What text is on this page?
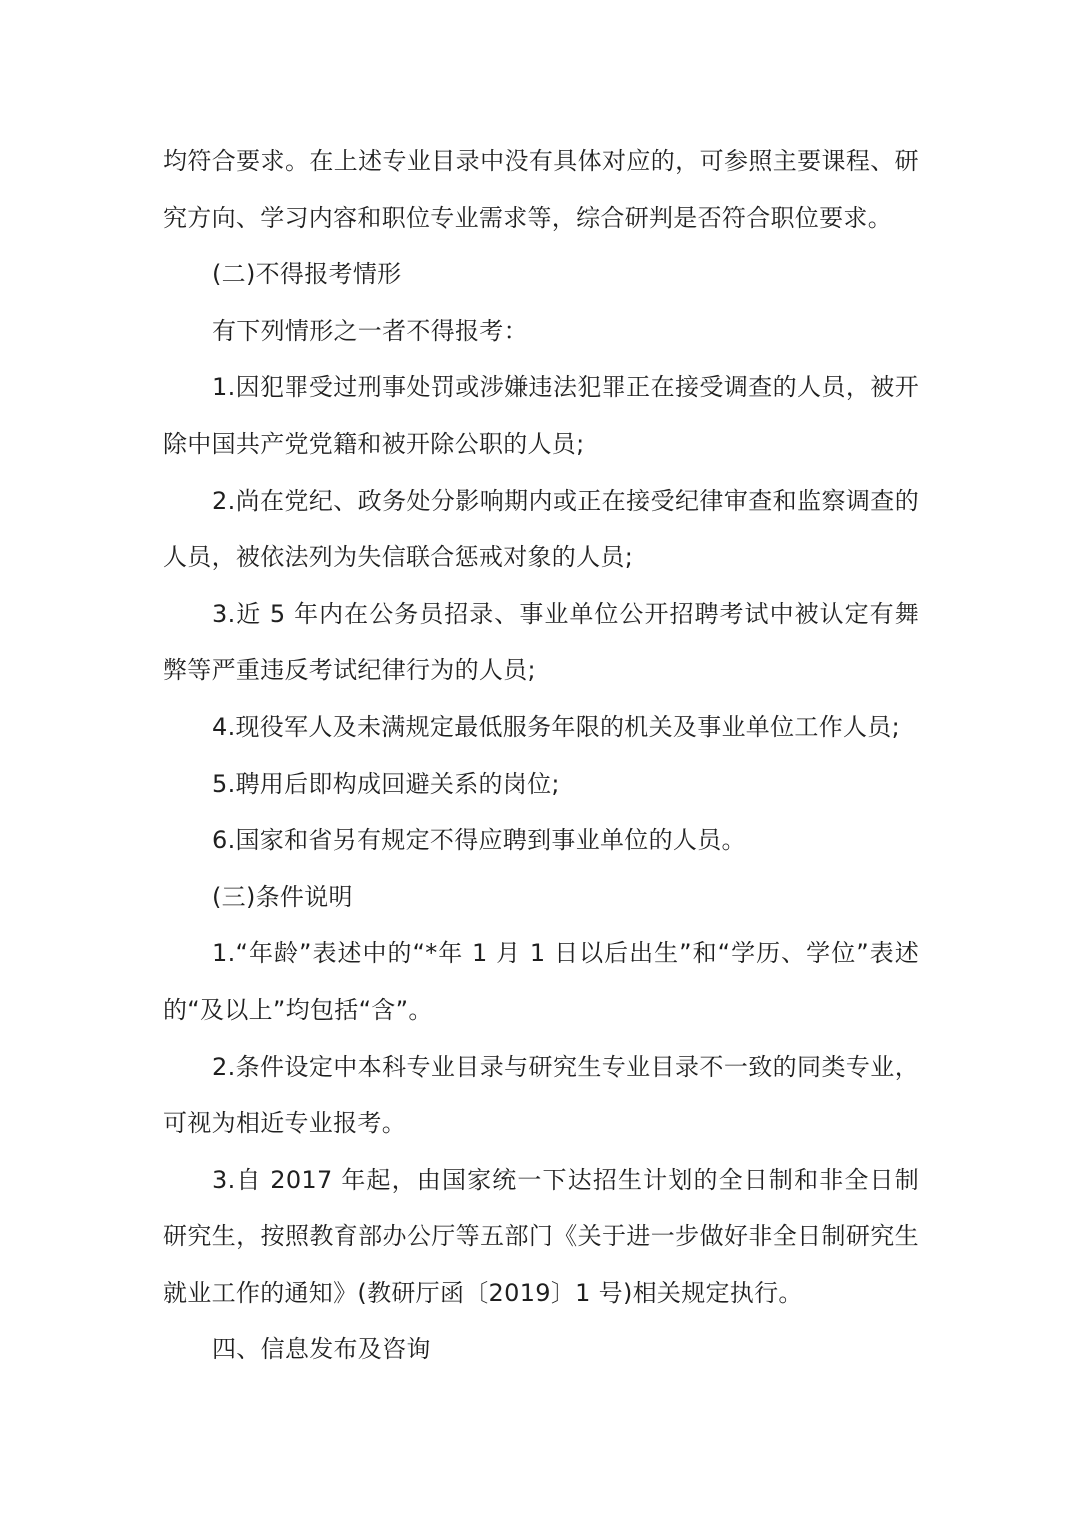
均符合要求。在上述专业目录中没有具体对应的，可参照主要课程、研究方向、学习内容和职位专业需求等，综合研判是否符合职位要求。

(二)不得报考情形

有下列情形之一者不得报考：

1.因犯罪受过刑事处罚或涉嫌违法犯罪正在接受调查的人员，被开除中国共产党党籍和被开除公职的人员;

2.尚在党纪、政务处分影响期内或正在接受纪律审查和监察调查的人员，被依法列为失信联合惩戒对象的人员;

3.近 5 年内在公务员招录、事业单位公开招聘考试中被认定有舞弊等严重违反考试纪律行为的人员;

4.现役军人及未满规定最低服务年限的机关及事业单位工作人员;

5.聘用后即构成回避关系的岗位;

6.国家和省另有规定不得应聘到事业单位的人员。

(三)条件说明

1.“年龄”表述中的“*年 1 月 1 日以后出生”和“学历、学位”表述的“及以上”均包括“含”。

2.条件设定中本科专业目录与研究生专业目录不一致的同类专业，可视为相近专业报考。

3.自 2017 年起，由国家统一下达招生计划的全日制和非全日制研究生，按照教育部办公厅等五部门《关于进一步做好非全日制研究生就业工作的通知》(教研厅函〔2019〕1 号)相关规定执行。

四、信息发布及咨询
